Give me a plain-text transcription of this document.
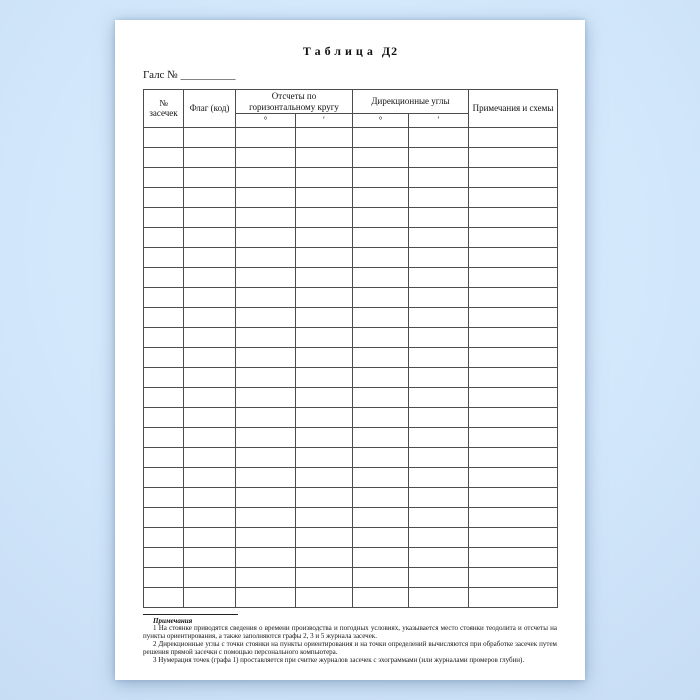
Таблица Д2
Галс № __________
№ засечек	Флаг (код)	Отсчеты по горизонтальному кругу		Дирекционные углы		Примечания и схемы
		°	′	°	′	

Примечания

1 На стоянке приводятся сведения о времени производства и погодных условиях, указывается место стоянки теодолита и отсчеты на пункты ориентирования, а также заполняются графы 2, 3 и 5 журнала засечек.

2 Дирекционные углы с точки стоянки на пункты ориентирования и на точки определений вычисляются при обработке засечек путем решения прямой засечки с помощью персонального компьютера.

3 Нумерация точек (графа 1) проставляется при считке журналов засечек с эхограммами (или журналами промеров глубин).
